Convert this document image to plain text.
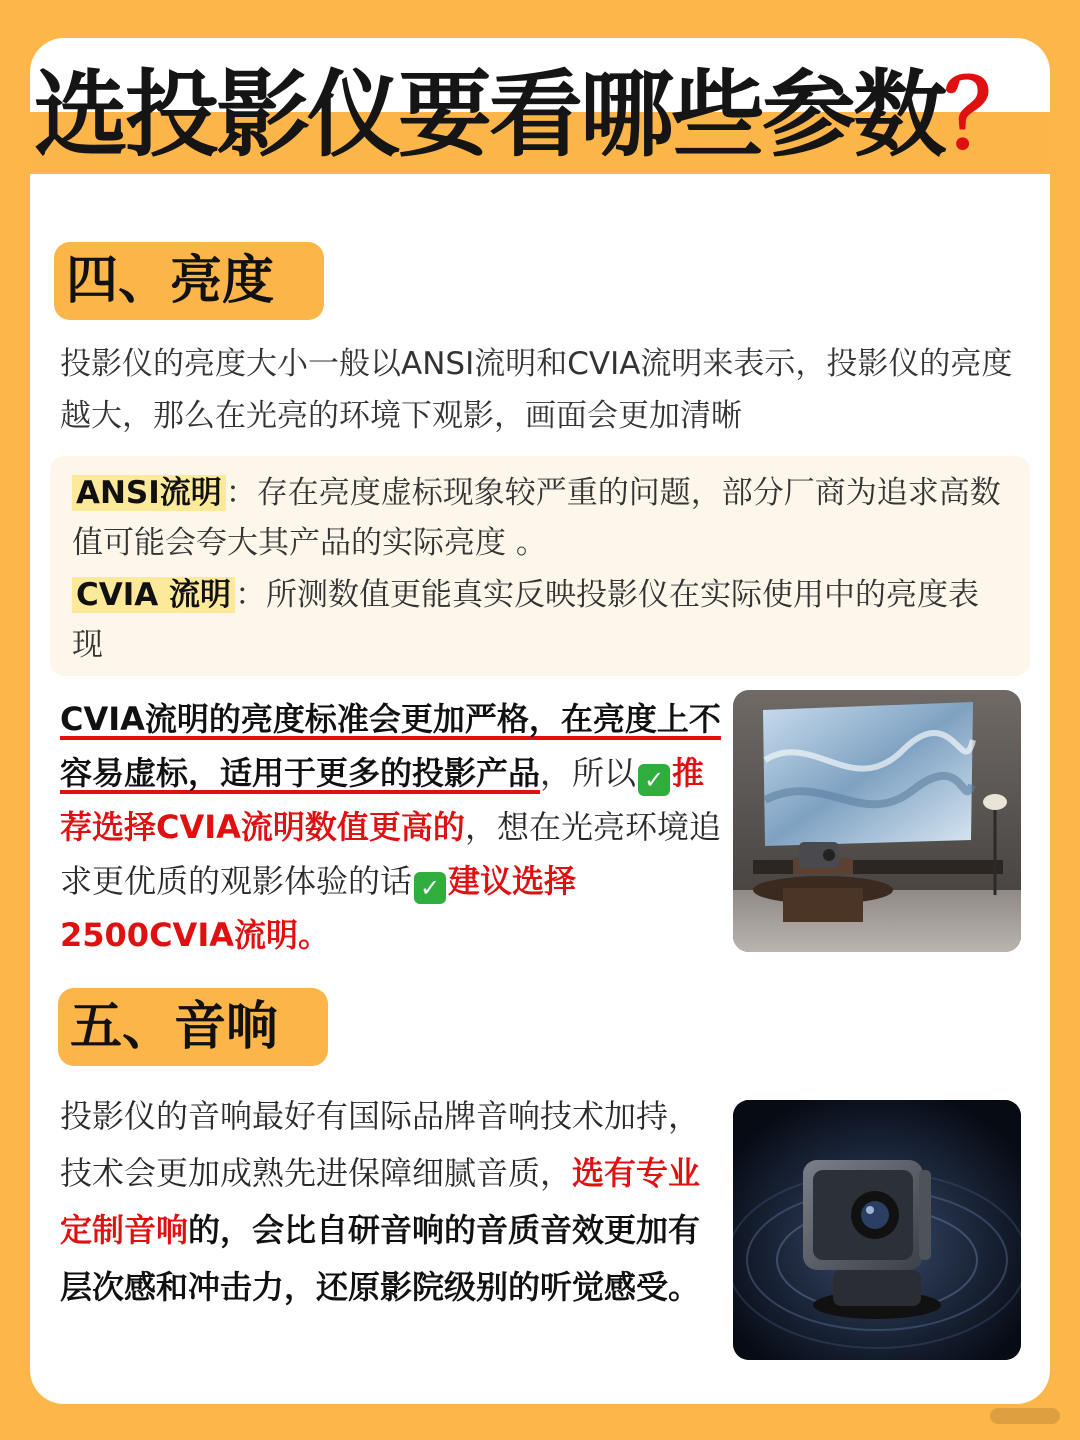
选投影仪要看哪些参数？
四、亮度
投影仪的亮度大小一般以ANSI流明和CVIA流明来表示，投影仪的亮度越大，那么在光亮的环境下观影，画面会更加清晰
ANSI流明 ：存在亮度虚标现象较严重的问题，部分厂商为追求高数值可能会夸大其产品的实际亮度 。
CVIA 流明 ：所测数值更能真实反映投影仪在实际使用中的亮度表现
CVIA流明的亮度标准会更加严格，在亮度上不容易虚标，适用于更多的投影产品，所以 ✓ 推荐选择CVIA流明数值更高的，想在光亮环境追求更优质的观影体验的话 ✓ 建议选择2500CVIA流明。
五、音响
投影仪的音响最好有国际品牌音响技术加持，技术会更加成熟先进保障细腻音质，选有专业定制音响的，会比自研音响的音质音效更加有层次感和冲击力，还原影院级别的听觉感受。
